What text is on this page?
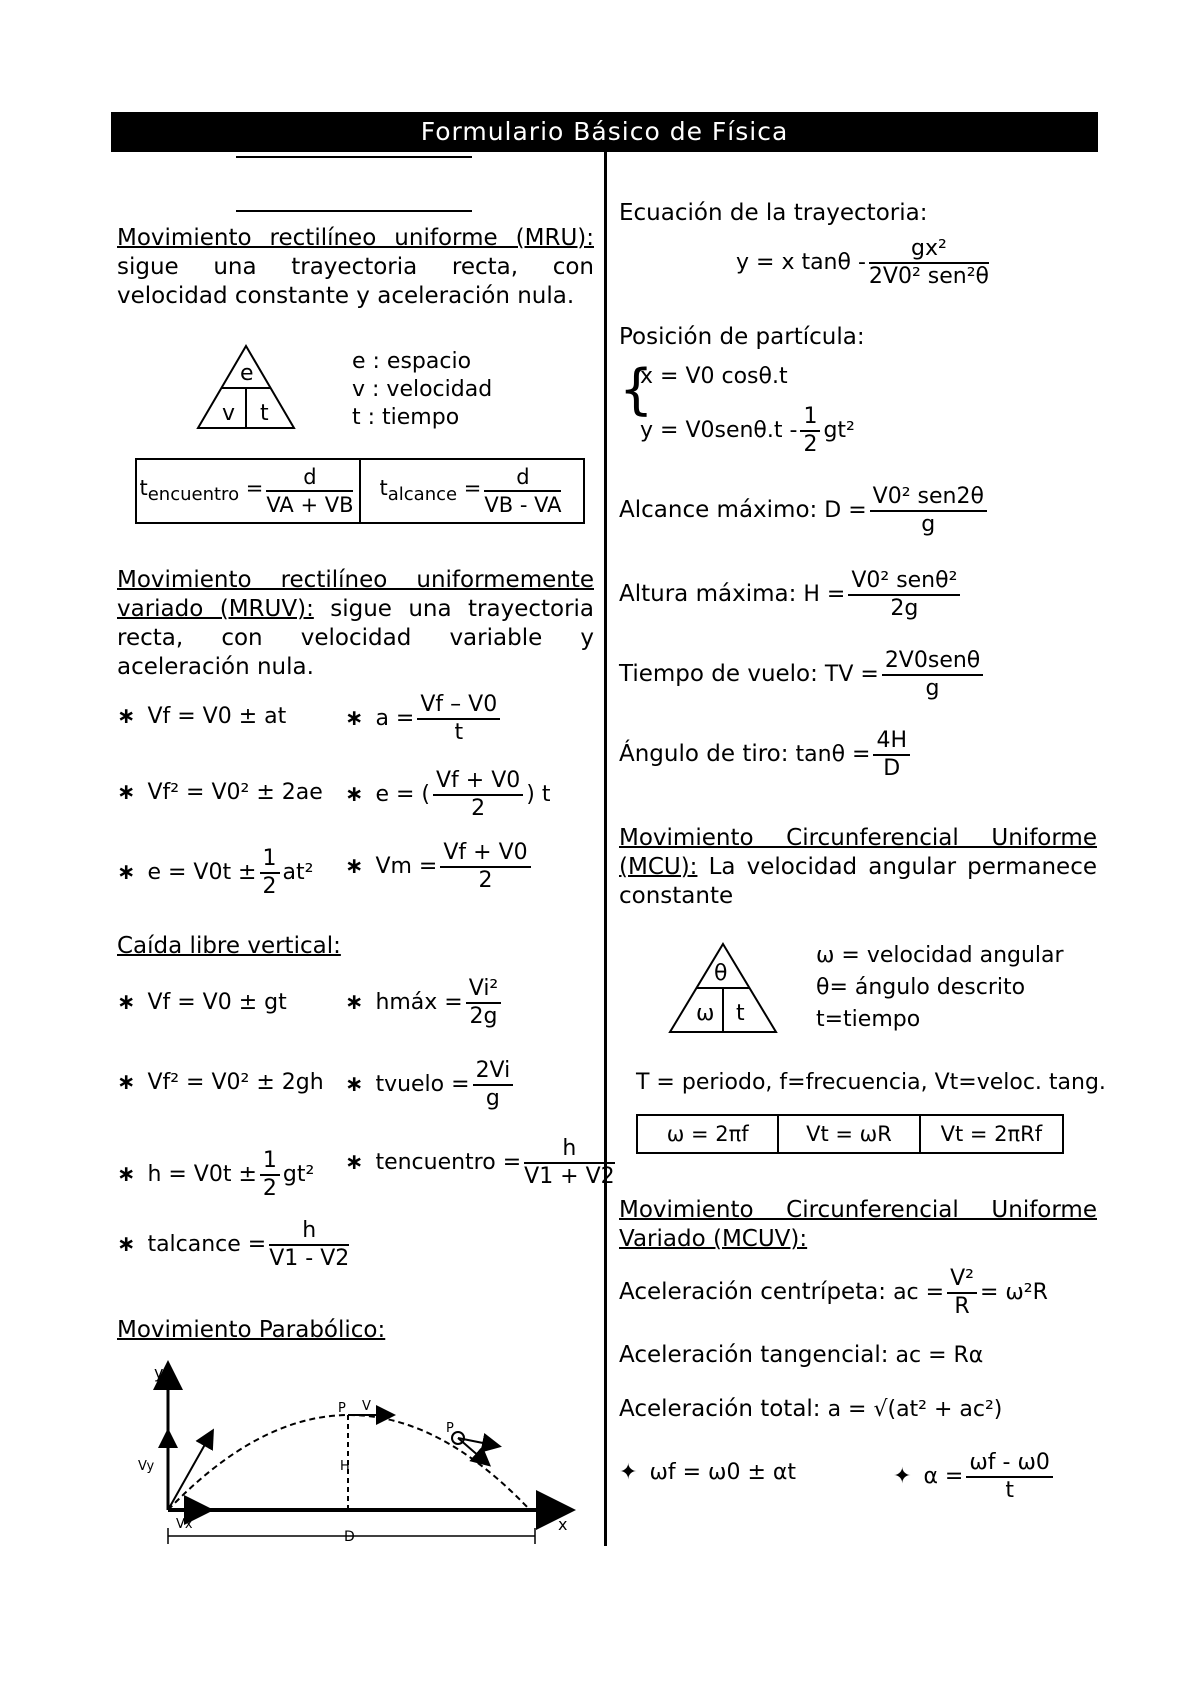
Formulario Básico de Física
Movimiento rectilíneo uniforme (MRU): sigue una trayectoria recta, con velocidad constante y aceleración nula.
e
v t
e : espacio
v : velocidad
t : tiempo
$t_{encuentro} = \frac{d}{VA + VB} t_{alcance} = \frac{d}{VB - VA}$
Movimiento rectilíneo uniformemente variado (MRUV): sigue una trayectoria recta, con velocidad variable y aceleración nula.
∗ Vf = V0 ± at	∗ $a = \frac{Vf - V0}{t}$
∗ Vf² = V0² ± 2ae ∗ e = ( $\frac{Vf + V0}{2}$ ) t
∗ $e = V0t \pm \frac{1}{2} at^2$ ∗ $Vm = \frac{Vf + V0}{2}$
Caída libre vertical:
∗ Vf = V0 ± gt	∗ hmáx = $\frac{\text{Vi²}}{2g}$
∗ Vf² = V0² ± 2gh ∗ tvuelo = $\frac{2Vi}{g}$
∗ $h = V0t \pm \frac{1}{2} gt^2$ ∗ tencuentro = $\frac{h}{V1 + V2}$
∗ talcance = $\frac{h}{V1 - V2}$
Movimiento Parabólico:
y
x
D
H
P
P
V
Vy
Vx
Ecuación de la trayectoria:
y = x tanθ - $\frac{\text{gx²}}{\text{2V0² sen²θ}}$
Posición de partícula:
{
x = V0 cosθ.t
$y = V0sen\theta.t - \frac{1}{2} gt^2$
Alcance máximo: $D = \frac{\text{V0² sen2θ}}{g}$
Altura máxima: $H = \frac{\text{V0² senθ²}}{2g}$
Tiempo de vuelo: TV = $\frac{\text{2V0senθ}}{g}$
Ángulo de tiro: $\tan\theta = \frac{4H}{D}$
Movimiento Circunferencial Uniforme (MCU): La velocidad angular permanece constante
θ
ω t
ω = velocidad angular
θ= ángulo descrito
t=tiempo
T = periodo, f=frecuencia, Vt=veloc. tang.
ω = 2πf	Vt = ωR	Vt = 2πRf
Movimiento Circunferencial Uniforme Variado (MCUV):
Aceleración centrípeta: ac = $\frac{\text{V²}}{R} = \omega^2R$
Aceleración tangencial: ac = Rα
Aceleración total: a = √(at² + ac²)
✦ ωf = ω0 ± αt	✦ $\alpha = \frac{\omega f - \omega 0}{t}$
